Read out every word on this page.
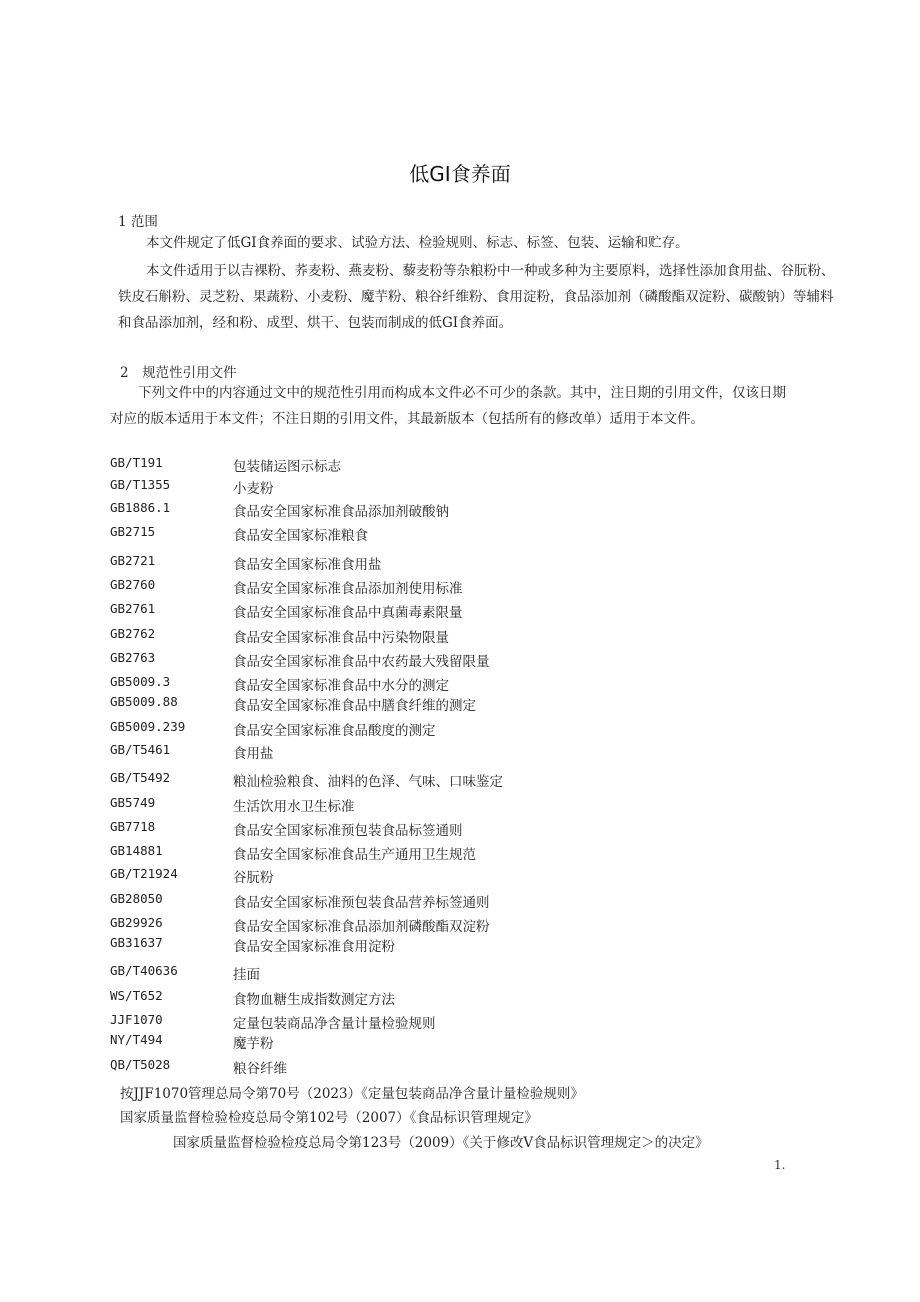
低GI食养面
1 范围

本文件规定了低GI食养面的要求、试验方法、检验规则、标志、标签、包装、运输和贮存。

本文件适用于以吉裸粉、荞麦粉、燕麦粉、藜麦粉等杂粮粉中一种或多种为主要原料，选择性添加食用盐、谷朊粉、铁皮石斛粉、灵芝粉、果蔬粉、小麦粉、魔芋粉、粮谷纤维粉、食用淀粉，食品添加剂（磷酸酯双淀粉、碳酸钠）等辅料和食品添加剂，经和粉、成型、烘干、包装而制成的低GI食养面。

2　规范性引用文件

下列文件中的内容通过文中的规范性引用而构成本文件必不可少的条款。其中，注日期的引用文件，仅该日期对应的版本适用于本文件；不注日期的引用文件，其最新版本（包括所有的修改单）适用于本文件。

GB/T191	包装储运图示标志
GB/T1355	小麦粉
GB1886.1	食品安全国家标准食品添加剂破酸钠
GB2715	食品安全国家标准粮食
GB2721	食品安全国家标准食用盐
GB2760	食品安全国家标准食品添加剂使用标准
GB2761	食品安全国家标准食品中真菌毒素限量
GB2762	食品安全国家标准食品中污染物限量
GB2763	食品安全国家标准食品中农药最大残留限量
GB5009.3	食品安全国家标准食品中水分的测定
GB5009.88	食品安全国家标准食品中膳食纤维的测定
GB5009.239	食品安全国家标准食品酸度的测定
GB/T5461	食用盐
GB/T5492	粮汕检验粮食、油料的色泽、气味、口味鉴定
GB5749	生活饮用水卫生标准
GB7718	食品安全国家标准预包装食品标签通则
GB14881	食品安全国家标准食品生产通用卫生规范
GB/T21924	谷朊粉
GB28050	食品安全国家标准预包装食品营养标签通则
GB29926	食品安全国家标准食品添加剂磷酸酯双淀粉
GB31637	食品安全国家标准食用淀粉
GB/T40636	挂面
WS/T652	食物血糖生成指数测定方法
JJF1070	定量包装商品净含量计量检验规则
NY/T494	魔芋粉
QB/T5028	粮谷纤维
按JJF1070管理总局令第70号（2023）《定量包装商品净含量计量检验规则》
国家质量监督检验检疫总局令第102号（2007）《食品标识管理规定》
国家质量监督检验检疫总局令第123号（2009）《关于修改V食品标识管理规定＞的决定》
1.
